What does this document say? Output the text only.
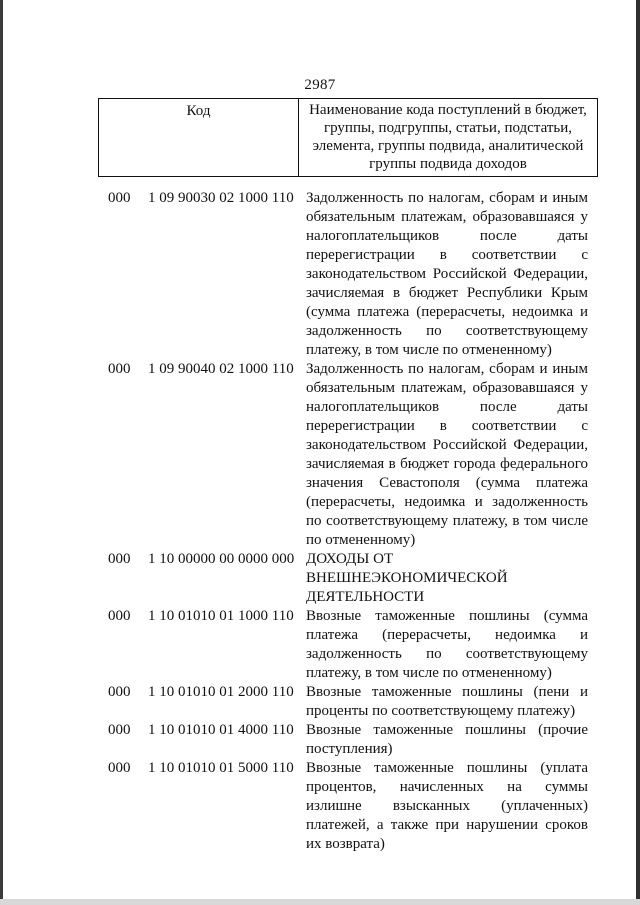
2987
Код	Наименование кода поступлений в бюджет, группы, подгруппы, статьи, подстатьи, элемента, группы подвида, аналитической группы подвида доходов
000	1 09 90030 02 1000 110 Задолженность по налогам, сборам и иным обязательным платежам, образовавшаяся у налогоплательщиков после даты перерегистрации в соответствии с законодательством Российской Федерации, зачисляемая в бюджет Республики Крым (сумма платежа (перерасчеты, недоимка и задолженность по соответствующему платежу, в том числе по отмененному)
000	1 09 90040 02 1000 110 Задолженность по налогам, сборам и иным обязательным платежам, образовавшаяся у налогоплательщиков после даты перерегистрации в соответствии с законодательством Российской Федерации, зачисляемая в бюджет города федерального значения Севастополя (сумма платежа (перерасчеты, недоимка и задолженность по соответствующему платежу, в том числе по отмененному)
000	1 10 00000 00 0000 000 ДОХОДЫ ОТ ВНЕШНЕЭКОНОМИЧЕСКОЙ ДЕЯТЕЛЬНОСТИ
000	1 10 01010 01 1000 110 Ввозные таможенные пошлины (сумма платежа (перерасчеты, недоимка и задолженность по соответствующему платежу, в том числе по отмененному)
000	1 10 01010 01 2000 110 Ввозные таможенные пошлины (пени и проценты по соответствующему платежу)
000	1 10 01010 01 4000 110 Ввозные таможенные пошлины (прочие поступления)
000	1 10 01010 01 5000 110 Ввозные таможенные пошлины (уплата процентов, начисленных на суммы излишне взысканных (уплаченных) платежей, а также при нарушении сроков их возврата)
